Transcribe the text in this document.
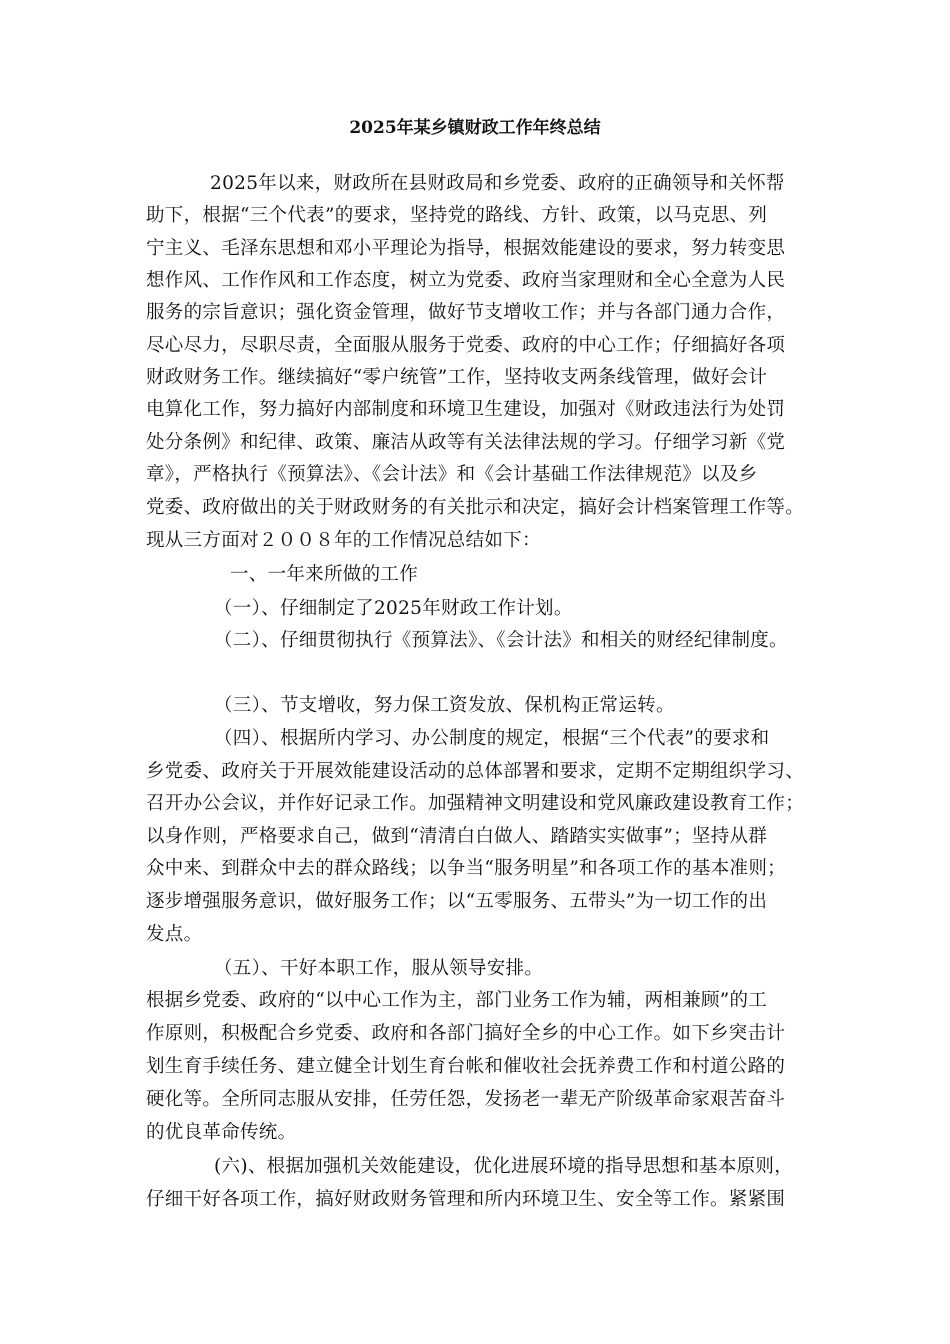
2025年某乡镇财政工作年终总结
2025年以来，财政所在县财政局和乡党委、政府的正确领导和关怀帮
助下，根据“三个代表”的要求，坚持党的路线、方针、政策，以马克思、列
宁主义、毛泽东思想和邓小平理论为指导，根据效能建设的要求，努力转变思
想作风、工作作风和工作态度，树立为党委、政府当家理财和全心全意为人民
服务的宗旨意识；强化资金管理，做好节支增收工作；并与各部门通力合作，
尽心尽力，尽职尽责，全面服从服务于党委、政府的中心工作；仔细搞好各项
财政财务工作。继续搞好“零户统管”工作，坚持收支两条线管理，做好会计
电算化工作，努力搞好内部制度和环境卫生建设，加强对《财政违法行为处罚
处分条例》和纪律、政策、廉洁从政等有关法律法规的学习。仔细学习新《党
章》，严格执行《预算法》、《会计法》和《会计基础工作法律规范》以及乡
党委、政府做出的关于财政财务的有关批示和决定，搞好会计档案管理工作等。
现从三方面对２００８年的工作情况总结如下：
一、一年来所做的工作
（一）、仔细制定了2025年财政工作计划。
（二）、仔细贯彻执行《预算法》、《会计法》和相关的财经纪律制度。
（三）、节支增收，努力保工资发放、保机构正常运转。
（四）、根据所内学习、办公制度的规定，根据“三个代表”的要求和
乡党委、政府关于开展效能建设活动的总体部署和要求，定期不定期组织学习、
召开办公会议，并作好记录工作。加强精神文明建设和党风廉政建设教育工作；
以身作则，严格要求自己，做到“清清白白做人、踏踏实实做事”；坚持从群
众中来、到群众中去的群众路线；以争当“服务明星”和各项工作的基本准则；
逐步增强服务意识，做好服务工作；以“五零服务、五带头”为一切工作的出
发点。
（五）、干好本职工作，服从领导安排。
根据乡党委、政府的“以中心工作为主，部门业务工作为辅，两相兼顾”的工
作原则，积极配合乡党委、政府和各部门搞好全乡的中心工作。如下乡突击计
划生育手续任务、建立健全计划生育台帐和催收社会抚养费工作和村道公路的
硬化等。全所同志服从安排，任劳任怨，发扬老一辈无产阶级革命家艰苦奋斗
的优良革命传统。
(六)、根据加强机关效能建设，优化进展环境的指导思想和基本原则，
仔细干好各项工作，搞好财政财务管理和所内环境卫生、安全等工作。紧紧围
